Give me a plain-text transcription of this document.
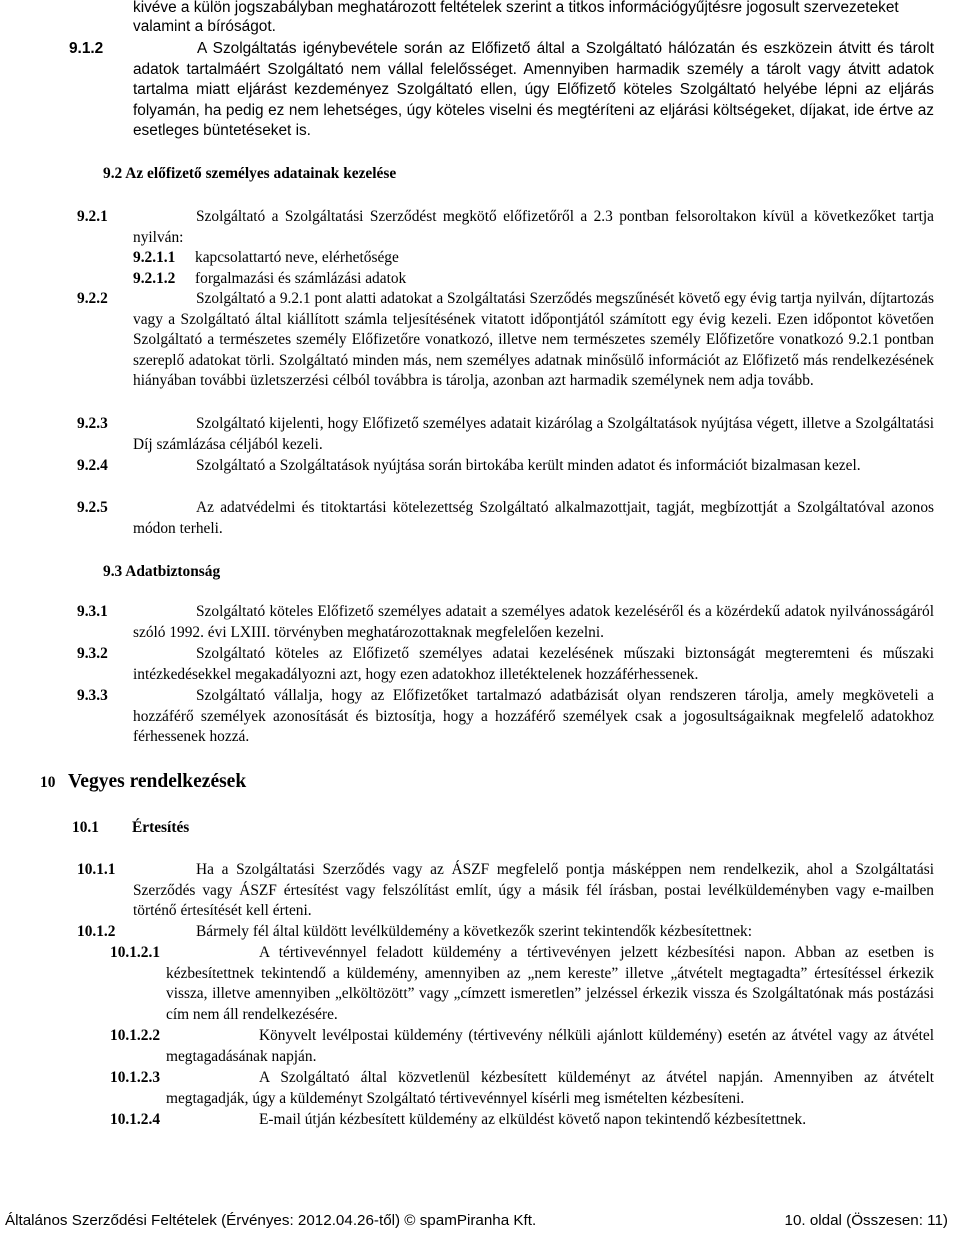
kivéve a külön jogszabályban meghatározott feltételek szerint a titkos információgyűjtésre jogosult szervezeteket

valamint a bíróságot.

9.1.2	A Szolgáltatás igénybevétele során az Előfizető által a Szolgáltató hálózatán és eszközein átvitt és tárolt adatok tartalmáért Szolgáltató nem vállal felelősséget. Amennyiben harmadik személy a tárolt vagy átvitt adatok tartalma miatt eljárást kezdeményez Szolgáltató ellen, úgy Előfizető köteles Szolgáltató helyébe lépni az eljárás folyamán, ha pedig ez nem lehetséges, úgy köteles viselni és megtéríteni az eljárási költségeket, díjakat, ide értve az esetleges büntetéseket is.

9.2 Az előfizető személyes adatainak kezelése

9.2.1	Szolgáltató a Szolgáltatási Szerződést megkötő előfizetőről a 2.3 pontban felsoroltakon kívül a következőket tartja nyilván:

9.2.1.1 kapcsolattartó neve, elérhetősége

9.2.1.2 forgalmazási és számlázási adatok

9.2.2	Szolgáltató a 9.2.1 pont alatti adatokat a Szolgáltatási Szerződés megszűnését követő egy évig tartja nyilván, díjtartozás vagy a Szolgáltató által kiállított számla teljesítésének vitatott időpontjától számított egy évig kezeli. Ezen időpontot követően Szolgáltató a természetes személy Előfizetőre vonatkozó, illetve nem természetes személy Előfizetőre vonatkozó 9.2.1 pontban szereplő adatokat törli. Szolgáltató minden más, nem személyes adatnak minősülő információt az Előfizető más rendelkezésének hiányában további üzletszerzési célból továbbra is tárolja, azonban azt harmadik személynek nem adja tovább.

9.2.3	Szolgáltató kijelenti, hogy Előfizető személyes adatait kizárólag a Szolgáltatások nyújtása végett, illetve a Szolgáltatási Díj számlázása céljából kezeli.

9.2.4	Szolgáltató a Szolgáltatások nyújtása során birtokába került minden adatot és információt bizalmasan kezel.

9.2.5	Az adatvédelmi és titoktartási kötelezettség Szolgáltató alkalmazottjait, tagját, megbízottját a Szolgáltatóval azonos módon terheli.

9.3 Adatbiztonság

9.3.1	Szolgáltató köteles Előfizető személyes adatait a személyes adatok kezeléséről és a közérdekű adatok nyilvánosságáról szóló 1992. évi LXIII. törvényben meghatározottaknak megfelelően kezelni.

9.3.2	Szolgáltató köteles az Előfizető személyes adatai kezelésének műszaki biztonságát megteremteni és műszaki intézkedésekkel megakadályozni azt, hogy ezen adatokhoz illetéktelenek hozzáférhessenek.

9.3.3	Szolgáltató vállalja, hogy az Előfizetőket tartalmazó adatbázisát olyan rendszeren tárolja, amely megköveteli a hozzáférő személyek azonosítását és biztosítja, hogy a hozzáférő személyek csak a jogosultságaiknak megfelelő adatokhoz férhessenek hozzá.

10 Vegyes rendelkezések

10.1 Értesítés

10.1.1	Ha a Szolgáltatási Szerződés vagy az ÁSZF megfelelő pontja másképpen nem rendelkezik, ahol a Szolgáltatási Szerződés vagy ÁSZF értesítést vagy felszólítást említ, úgy a másik fél írásban, postai levélküldeményben vagy e-mailben történő értesítését kell érteni.

10.1.2	Bármely fél által küldött levélküldemény a következők szerint tekintendők kézbesítettnek:

10.1.2.1	A tértivevénnyel feladott küldemény a tértivevényen jelzett kézbesítési napon. Abban az esetben is kézbesítettnek tekintendő a küldemény, amennyiben az „nem kereste” illetve „átvételt megtagadta” értesítéssel érkezik vissza, illetve amennyiben „elköltözött” vagy „címzett ismeretlen” jelzéssel érkezik vissza és Szolgáltatónak más postázási cím nem áll rendelkezésére.

10.1.2.2	Könyvelt levélpostai küldemény (tértivevény nélküli ajánlott küldemény) esetén az átvétel vagy az átvétel megtagadásának napján.

10.1.2.3	A Szolgáltató által közvetlenül kézbesített küldeményt az átvétel napján. Amennyiben az átvételt megtagadják, úgy a küldeményt Szolgáltató tértivevénnyel kísérli meg ismételten kézbesíteni.

10.1.2.4	E-mail útján kézbesített küldemény az elküldést követő napon tekintendő kézbesítettnek.

Általános Szerződési Feltételek (Érvényes: 2012.04.26-től) © spamPiranha Kft.	10. oldal (Összesen: 11)
